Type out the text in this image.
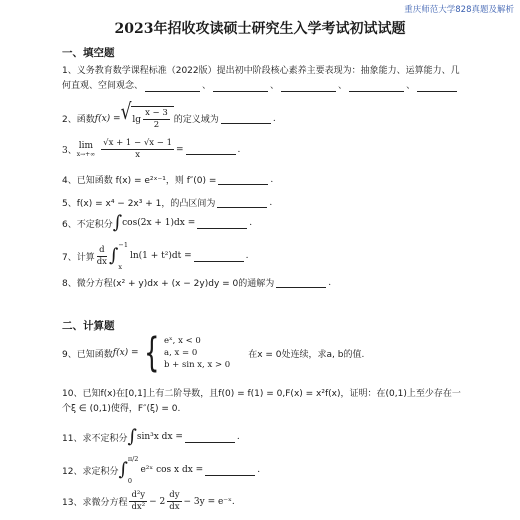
重庆师范大学828真题及解析
2023年招收攻读硕士研究生入学考试初试试题
一、填空题
1、义务教育数学课程标准（2022版）提出初中阶段核心素养主要表现为：抽象能力、运算能力、几
何直观、空间观念、	、	、	、	、
2、函数 f(x) = √ $\lg \frac{x - 3}{2}$ 的定义域为	.
3、 lim
$x\to+\infty \frac{√x + 1 - √x - 1}{x}$ =	.
4、已知函数 f(x) = e²ˣ⁻¹，则 f″(0) =	.
5、f(x) = x⁴ − 2x³ + 1，的凸区间为	.
6、不定积分 ∫ cos(2x + 1)dx =	.
7、计算 $\frac{d}{dx}$ ∫ −1
x
ln(1 + t²)dt =	.
8、微分方程(x² + y)dx + (x − 2y)dy = 0的通解为	.
二、计算题
9、已知函数 f(x) = { eˣ, x < 0
a, x = 0
b + sin x, x > 0
在x = 0处连续，求a, b的值.
10、已知f(x)在[0,1]上有二阶导数，且f(0) = f(1) = 0,F(x) = x²f(x)，证明：在(0,1)上至少存在一
个ξ ∈ (0,1)使得，F″(ξ) = 0.
11、求不定积分 ∫ sin³x dx =	.
12、求定积分 ∫ π/2
0
e²ˣ cos x dx =	.
13、求微分方程 $\frac{\text{d²y}}{\text{dx²}} - 2 \frac{dy}{dx} - 3y$ = e⁻ˣ.
